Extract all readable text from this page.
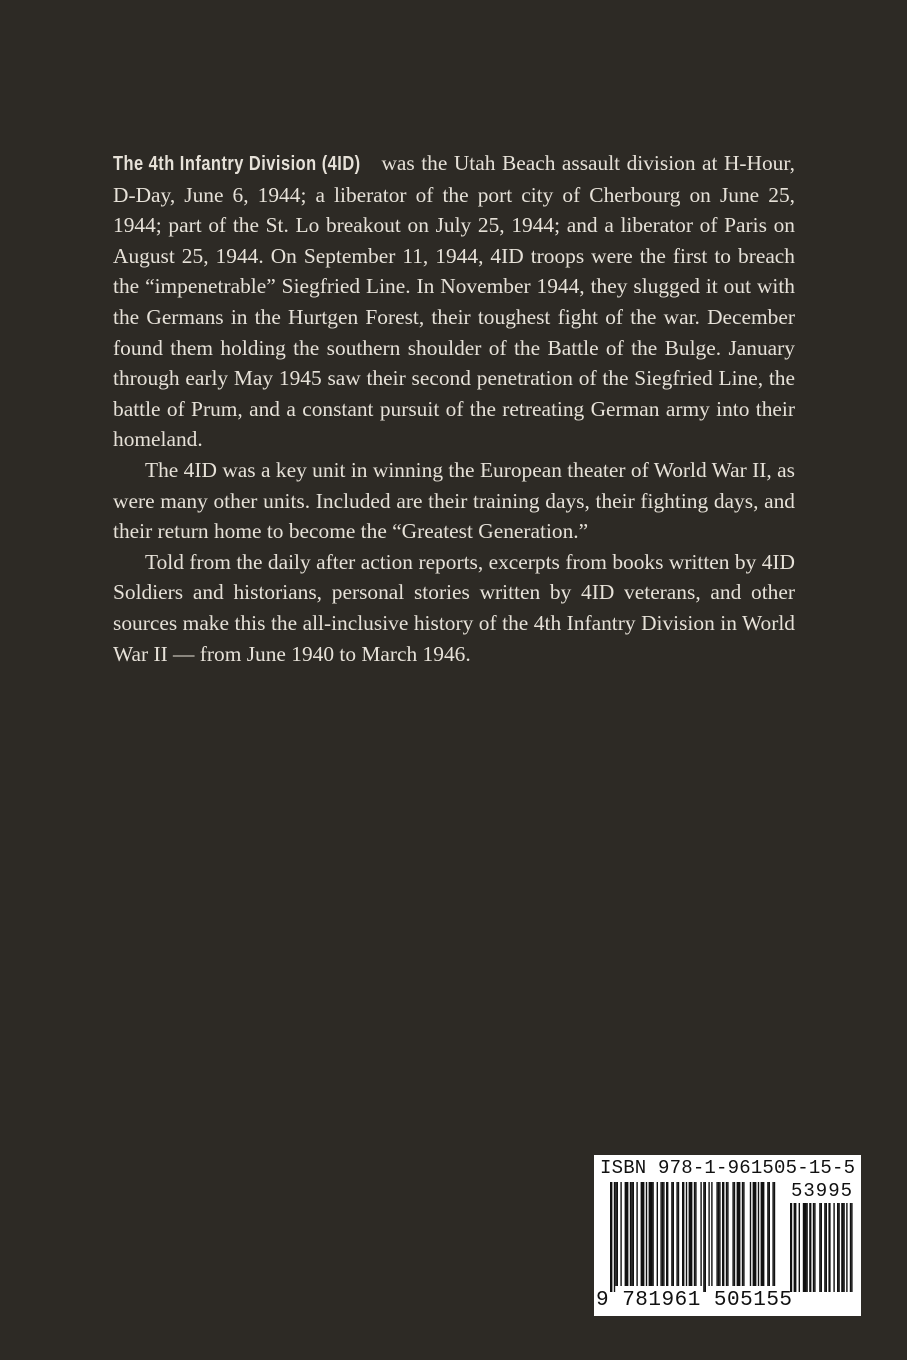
The 4th Infantry Division (4ID) was the Utah Beach assault division at H-Hour, D-Day, June 6, 1944; a liberator of the port city of Cherbourg on June 25, 1944; part of the St. Lo breakout on July 25, 1944; and a liberator of Paris on August 25, 1944. On September 11, 1944, 4ID troops were the first to breach the “impenetrable” Siegfried Line. In November 1944, they slugged it out with the Germans in the Hurtgen Forest, their toughest fight of the war. December found them holding the southern shoulder of the Battle of the Bulge. January through early May 1945 saw their second penetration of the Siegfried Line, the battle of Prum, and a constant pursuit of the retreating German army into their homeland.

The 4ID was a key unit in winning the European theater of World War II, as were many other units. Included are their training days, their fighting days, and their return home to become the “Greatest Generation.”

Told from the daily after action reports, excerpts from books written by 4ID Soldiers and historians, personal stories written by 4ID veterans, and other sources make this the all-inclusive history of the 4th Infantry Division in World War II — from June 1940 to March 1946.

ISBN 978-1-961505-15-5
53995
9 781961 505155
